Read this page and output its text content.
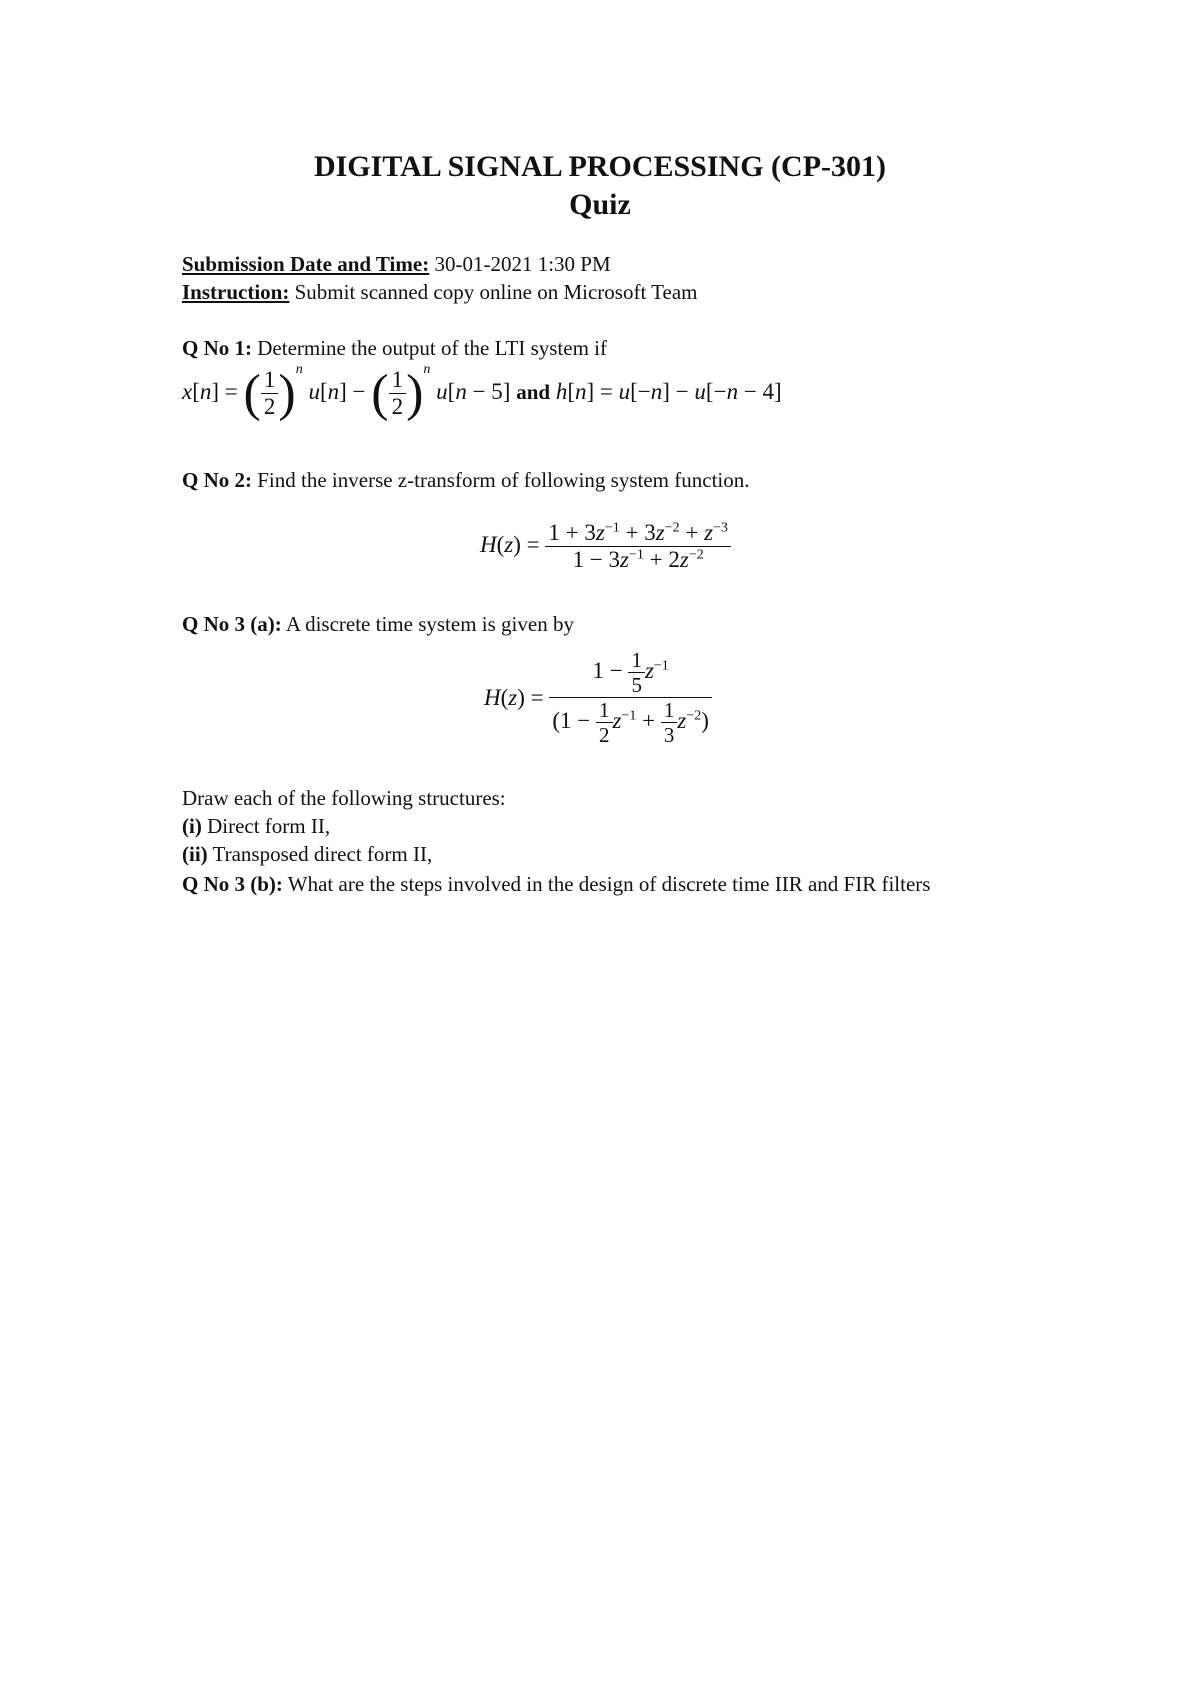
DIGITAL SIGNAL PROCESSING (CP-301)
Quiz
Submission Date and Time: 30-01-2021 1:30 PM
Instruction: Submit scanned copy online on Microsoft Team
Q No 1: Determine the output of the LTI system if
x[n] = ( $\frac{1}{2} )^n$ u[n] − ( $\frac{1}{2} )^n$ u[n − 5] and h[n] = u[−n] − u[−n − 4]
Q No 2: Find the inverse z-transform of following system function.
$H(z) = \frac{1 + 3z^{-1} + 3z^{-2} + z^{-3}}{1 - 3z^{-1} + 2z^{-2}}$
Q No 3 (a): A discrete time system is given by
$H(z) = \frac{1 - \frac{1}{5} z^{-1}}{(1 - \frac{1}{2} z^{-1} + \frac{1}{3} z^{-2})}$
Draw each of the following structures:
(i) Direct form II,
(ii) Transposed direct form II,
Q No 3 (b): What are the steps involved in the design of discrete time IIR and FIR filters
